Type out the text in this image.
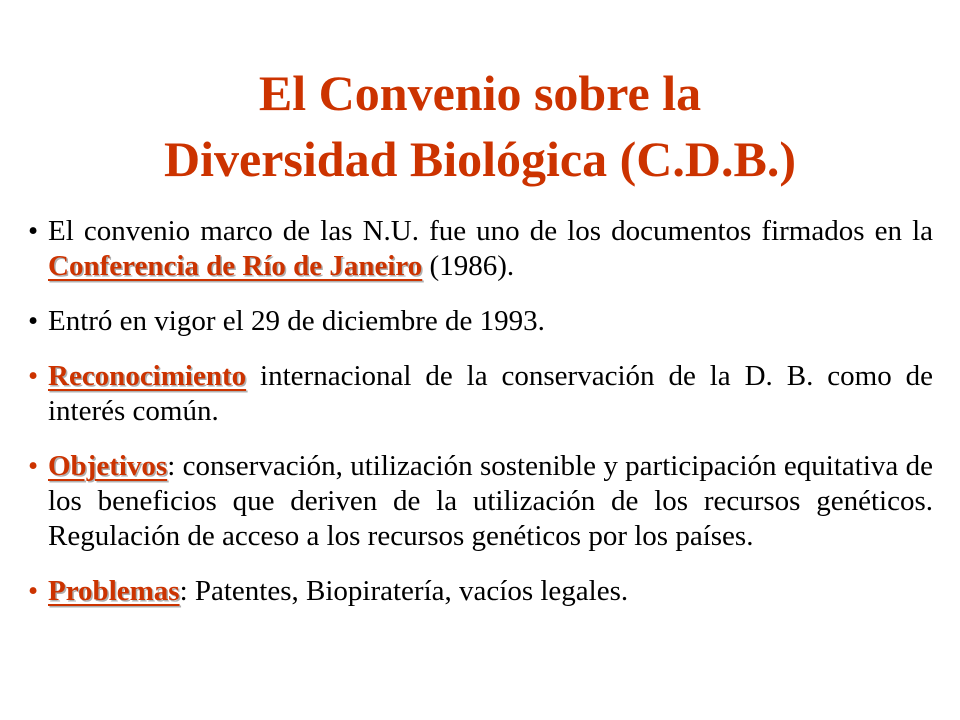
El Convenio sobre la
Diversidad Biológica (C.D.B.)
• El convenio marco de las N.U. fue uno de los documentos firmados en la Conferencia de Río de Janeiro (1986).
• Entró en vigor el 29 de diciembre de 1993.
• Reconocimiento internacional de la conservación de la D. B. como de interés común.
• Objetivos: conservación, utilización sostenible y participación equitativa de los beneficios que deriven de la utilización de los recursos genéticos. Regulación de acceso a los recursos genéticos por los países.
• Problemas: Patentes, Biopiratería, vacíos legales.
